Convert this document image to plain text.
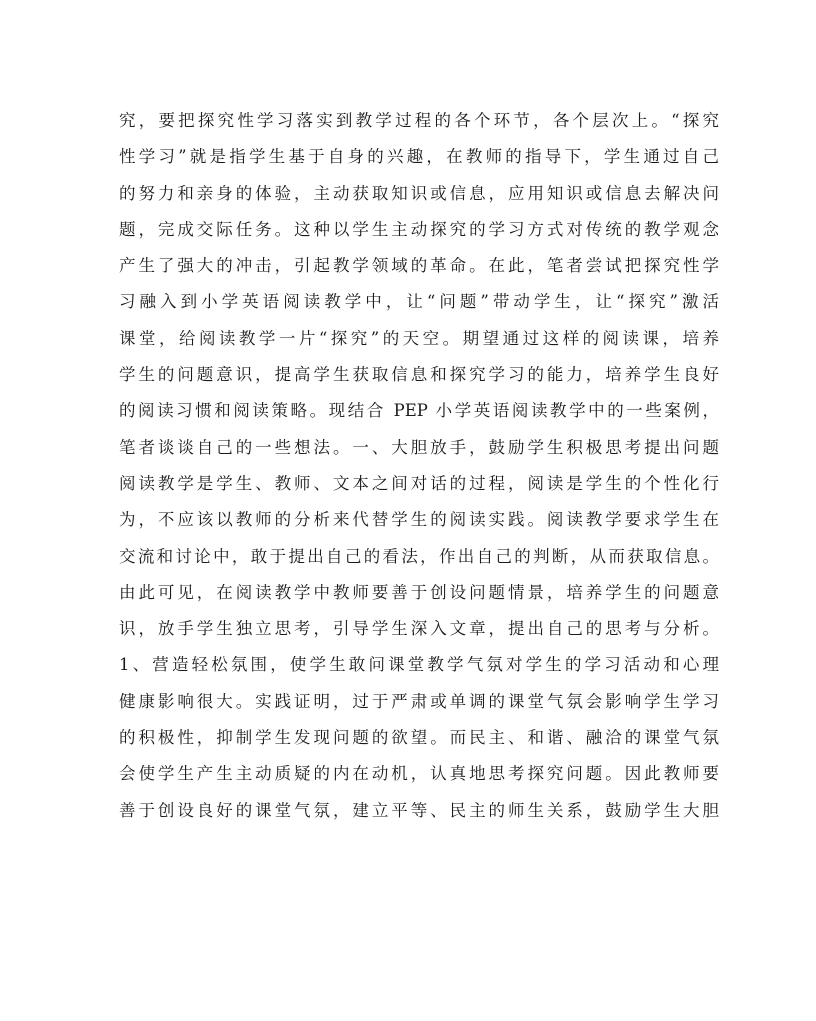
究，要把探究性学习落实到教学过程的各个环节，各个层次上。“探究
性学习”就是指学生基于自身的兴趣，在教师的指导下，学生通过自己
的努力和亲身的体验，主动获取知识或信息，应用知识或信息去解决问
题，完成交际任务。这种以学生主动探究的学习方式对传统的教学观念
产生了强大的冲击，引起教学领域的革命。在此，笔者尝试把探究性学
习融入到小学英语阅读教学中，让“问题”带动学生，让“探究”激活
课堂，给阅读教学一片“探究”的天空。期望通过这样的阅读课，培养
学生的问题意识，提高学生获取信息和探究学习的能力，培养学生良好
的阅读习惯和阅读策略。现结合 PEP 小学英语阅读教学中的一些案例，
笔者谈谈自己的一些想法。一、大胆放手，鼓励学生积极思考提出问题
阅读教学是学生、教师、文本之间对话的过程，阅读是学生的个性化行
为，不应该以教师的分析来代替学生的阅读实践。阅读教学要求学生在
交流和讨论中，敢于提出自己的看法，作出自己的判断，从而获取信息。
由此可见，在阅读教学中教师要善于创设问题情景，培养学生的问题意
识，放手学生独立思考，引导学生深入文章，提出自己的思考与分析。
1、营造轻松氛围，使学生敢问课堂教学气氛对学生的学习活动和心理
健康影响很大。实践证明，过于严肃或单调的课堂气氛会影响学生学习
的积极性，抑制学生发现问题的欲望。而民主、和谐、融洽的课堂气氛
会使学生产生主动质疑的内在动机，认真地思考探究问题。因此教师要
善于创设良好的课堂气氛，建立平等、民主的师生关系，鼓励学生大胆
